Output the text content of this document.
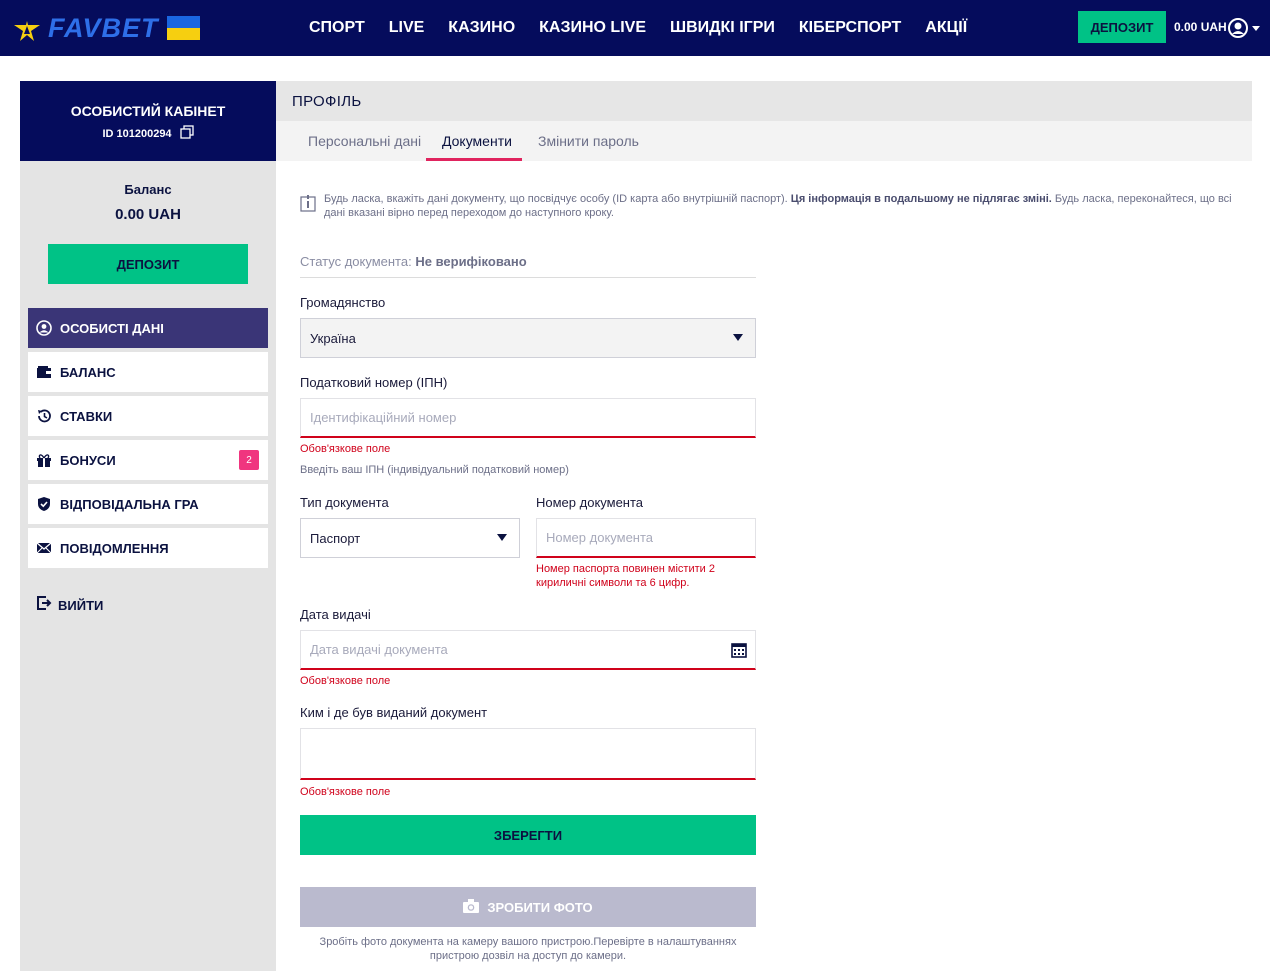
FAVBET	СПОРТ LIVE КАЗИНО КАЗИНО LIVE ШВИДКІ ІГРИ КІБЕРСПОРТ АКЦІЇ	ДЕПОЗИТ	0.00 UAH
ОСОБИСТИЙ КАБІНЕТ
ID 101200294
Баланс
0.00 UAH
ДЕПОЗИТ
ОСОБИСТІ ДАНІ
БАЛАНС
СТАВКИ
БОНУСИ	2
ВІДПОВІДАЛЬНА ГРА
ПОВІДОМЛЕННЯ
ВИЙТИ
ПРОФІЛЬ
Персональні дані Документи Змінити пароль
Будь ласка, вкажіть дані документу, що посвідчує особу (ID карта або внутрішній паспорт). Ця інформація в подальшому не підлягає зміні. Будь ласка, переконайтеся, що всі дані вказані вірно перед переходом до наступного кроку.
Статус документа: Не верифіковано
Громадянство
Україна
Податковий номер (ІПН)
Ідентифікаційний номер
Обов'язкове поле
Введіть ваш ІПН (індивідуальний податковий номер)
Тип документа
Паспорт
Номер документа
Номер документа
Номер паспорта повинен містити 2 кириличні символи та 6 цифр.
Дата видачі
Дата видачі документа
Обов'язкове поле
Ким і де був виданий документ
Обов'язкове поле
ЗБЕРЕГТИ
ЗРОБИТИ ФОТО
Зробіть фото документа на камеру вашого пристрою.Перевірте в налаштуваннях пристрою дозвіл на доступ до камери.
